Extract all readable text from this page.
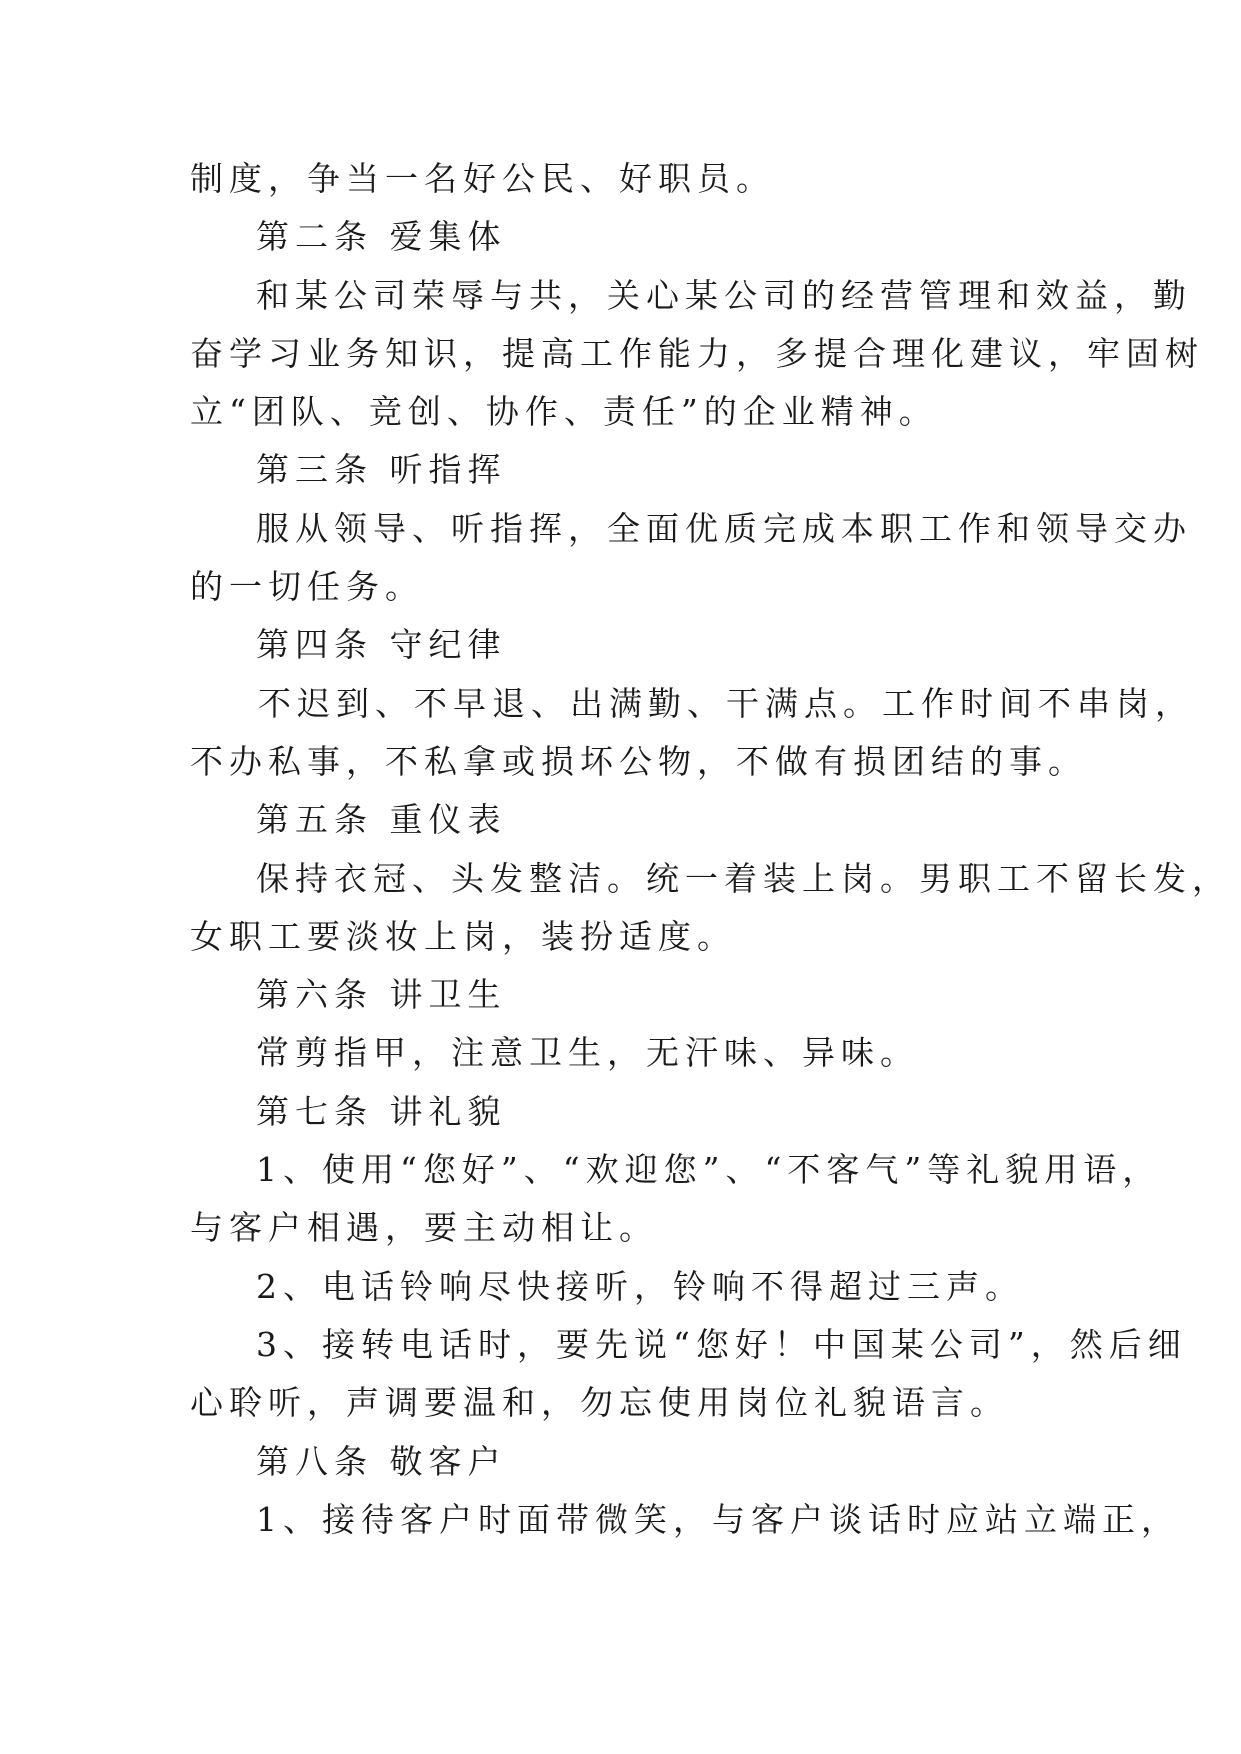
制度，争当一名好公民、好职员。
第二条 爱集体
和某公司荣辱与共，关心某公司的经营管理和效益，勤
奋学习业务知识，提高工作能力，多提合理化建议，牢固树
立“团队、竞创、协作、责任”的企业精神。
第三条 听指挥
服从领导、听指挥，全面优质完成本职工作和领导交办
的一切任务。
第四条 守纪律
不迟到、不早退、出满勤、干满点。工作时间不串岗，
不办私事，不私拿或损坏公物，不做有损团结的事。
第五条 重仪表
保持衣冠、头发整洁。统一着装上岗。男职工不留长发，
女职工要淡妆上岗，装扮适度。
第六条 讲卫生
常剪指甲，注意卫生，无汗味、异味。
第七条 讲礼貌
1、使用“您好”、“欢迎您”、“不客气”等礼貌用语，
与客户相遇，要主动相让。
2、电话铃响尽快接听，铃响不得超过三声。
3、接转电话时，要先说“您好！中国某公司”，然后细
心聆听，声调要温和，勿忘使用岗位礼貌语言。
第八条 敬客户
1、接待客户时面带微笑，与客户谈话时应站立端正，
